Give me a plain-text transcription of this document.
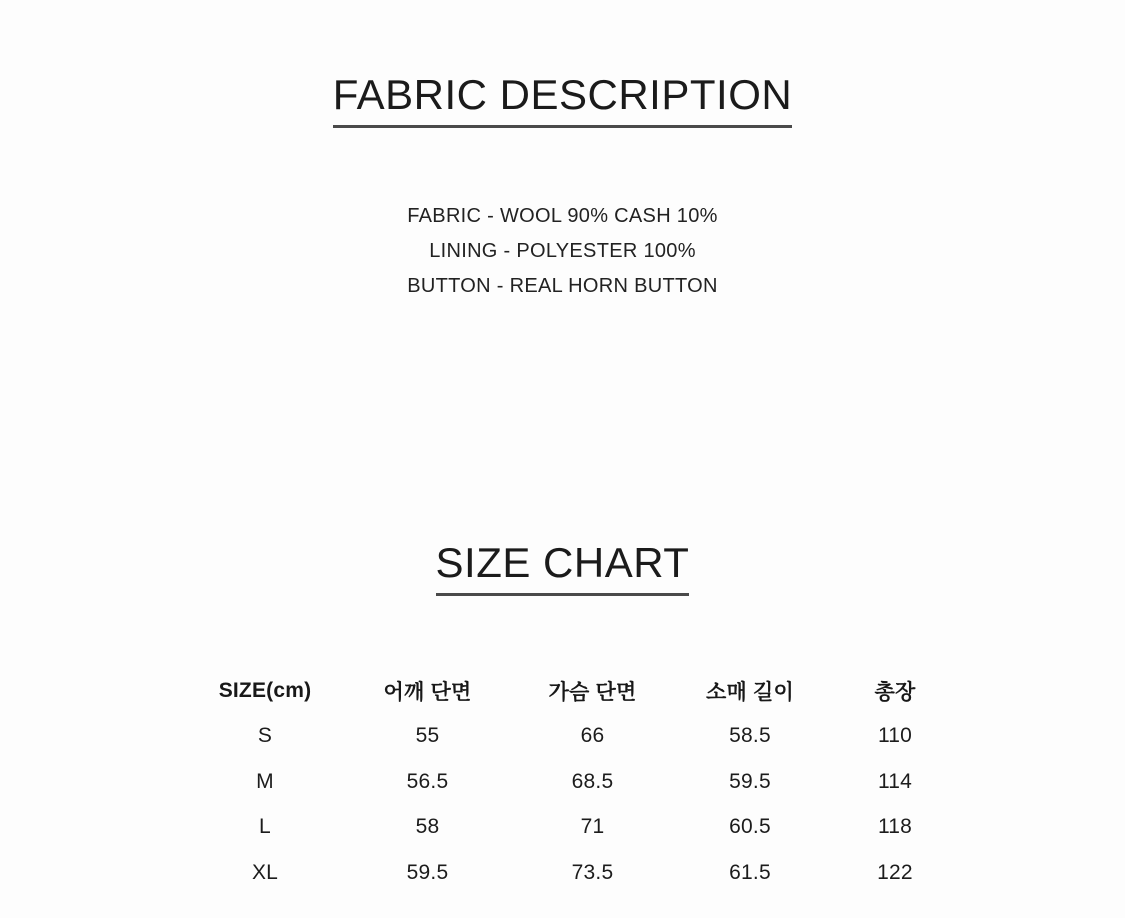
FABRIC DESCRIPTION
FABRIC - WOOL 90% CASH 10%
LINING - POLYESTER 100%
BUTTON - REAL HORN BUTTON
SIZE CHART
SIZE(cm)	어깨 단면	가슴 단면	소매 길이	총장
S	55	66	58.5	110
M	56.5	68.5	59.5	114
L	58	71	60.5	118
XL	59.5	73.5	61.5	122
